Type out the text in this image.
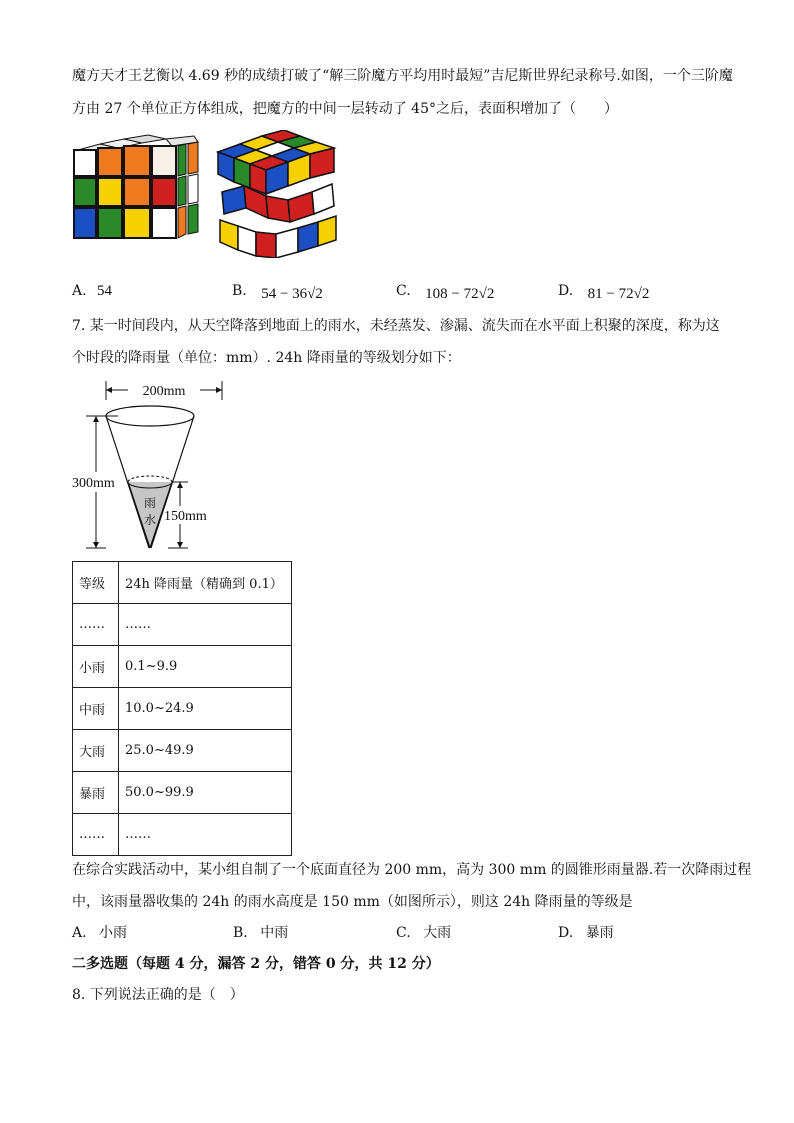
魔方天才王艺衡以 4.69 秒的成绩打破了“解三阶魔方平均用时最短”吉尼斯世界纪录称号.如图，一个三阶魔
方由 27 个单位正方体组成，把魔方的中间一层转动了 45°之后，表面积增加了（　　）
A. 54	B. 54 − 36√2	C. 108 − 72√2	D. 81 − 72√2
7. 某一时间段内，从天空降落到地面上的雨水，未经蒸发、渗漏、流失而在水平面上积聚的深度，称为这
个时段的降雨量（单位：mm）. 24h 降雨量的等级划分如下：
200mm
雨
水
300mm
150mm
等级	24h 降雨量（精确到 0.1）
……	……
小雨	0.1~9.9
中雨	10.0~24.9
大雨	25.0~49.9
暴雨	50.0~99.9
……	……
在综合实践活动中，某小组自制了一个底面直径为 200 mm，高为 300 mm 的圆锥形雨量器.若一次降雨过程
中，该雨量器收集的 24h 的雨水高度是 150 mm（如图所示），则这 24h 降雨量的等级是
A. 小雨	B. 中雨	C. 大雨	D. 暴雨
二多选题（每题 4 分，漏答 2 分，错答 0 分，共 12 分）
8. 下列说法正确的是（　）
